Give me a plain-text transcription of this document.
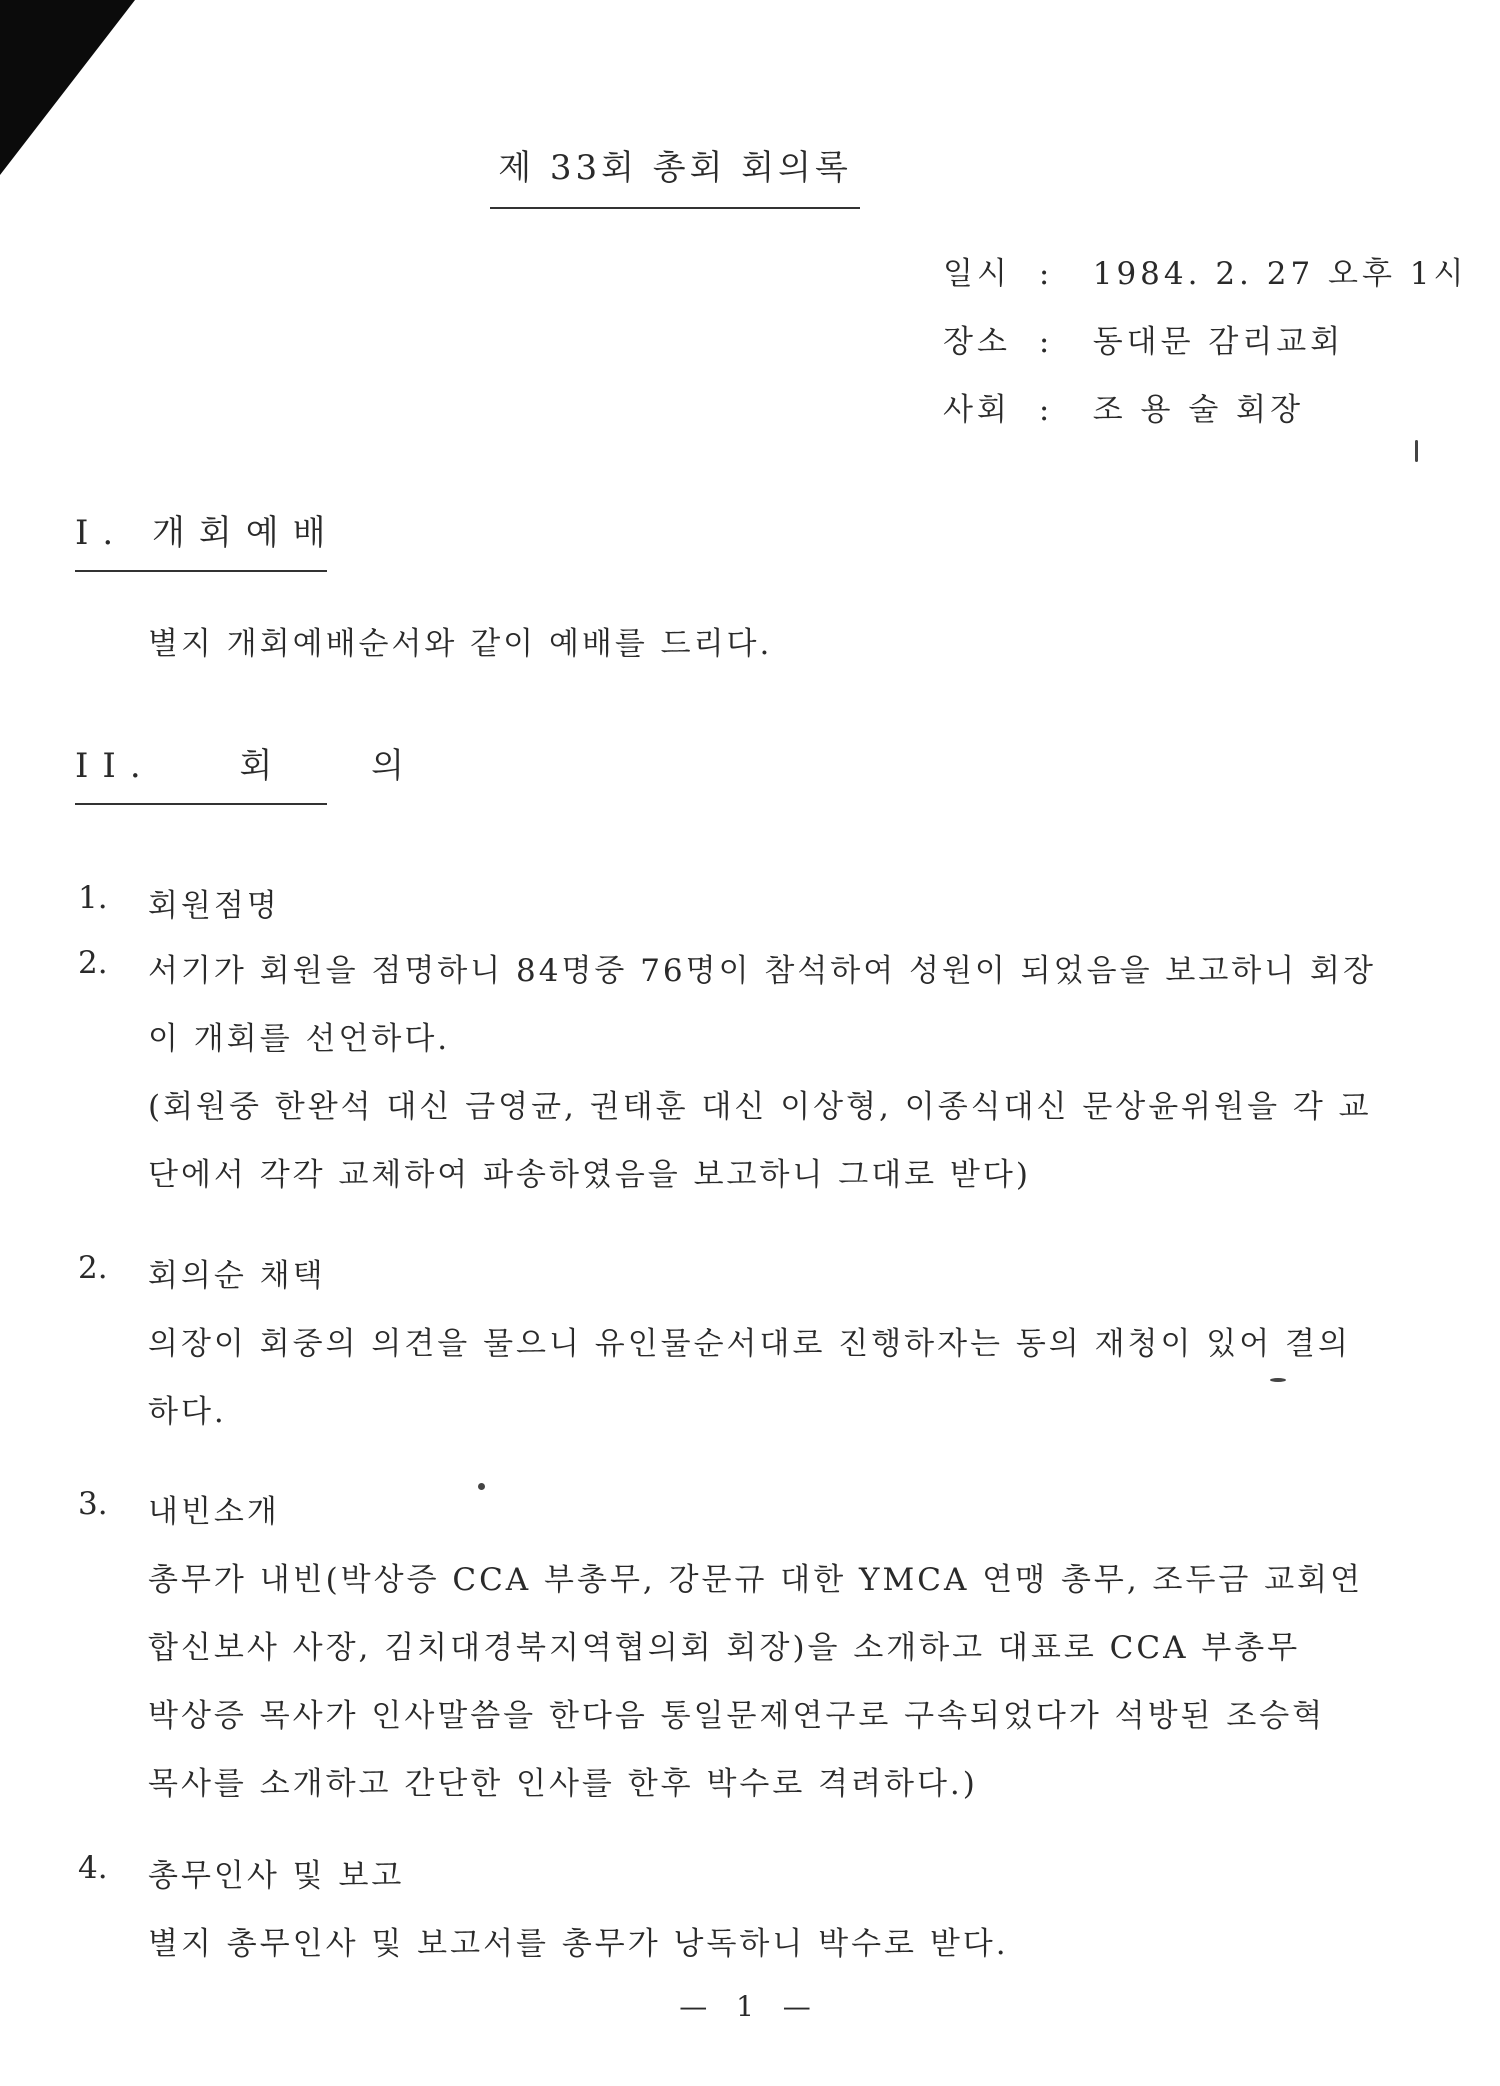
제 33회 총회 회의록
일시 : 1984. 2. 27 오후 1시
장소 : 동대문 감리교회
사회 : 조 용 술 회장
I. 개회예배
별지 개회예배순서와 같이 예배를 드리다.
II. 회 의
1. 회원점명
2. 서기가 회원을 점명하니 84명중 76명이 참석하여 성원이 되었음을 보고하니 회장
이 개회를 선언하다.
(회원중 한완석 대신 금영균, 권태훈 대신 이상형, 이종식대신 문상윤위원을 각 교
단에서 각각 교체하여 파송하였음을 보고하니 그대로 받다)
2. 회의순 채택
의장이 회중의 의견을 물으니 유인물순서대로 진행하자는 동의 재청이 있어 결의
하다.
3. 내빈소개
총무가 내빈(박상증 CCA 부총무, 강문규 대한 YMCA 연맹 총무, 조두금 교회연
합신보사 사장, 김치대경북지역협의회 회장)을 소개하고 대표로 CCA 부총무
박상증 목사가 인사말씀을 한다음 통일문제연구로 구속되었다가 석방된 조승혁
목사를 소개하고 간단한 인사를 한후 박수로 격려하다.)
4. 총무인사 및 보고
별지 총무인사 및 보고서를 총무가 낭독하니 박수로 받다.
— 1 —
